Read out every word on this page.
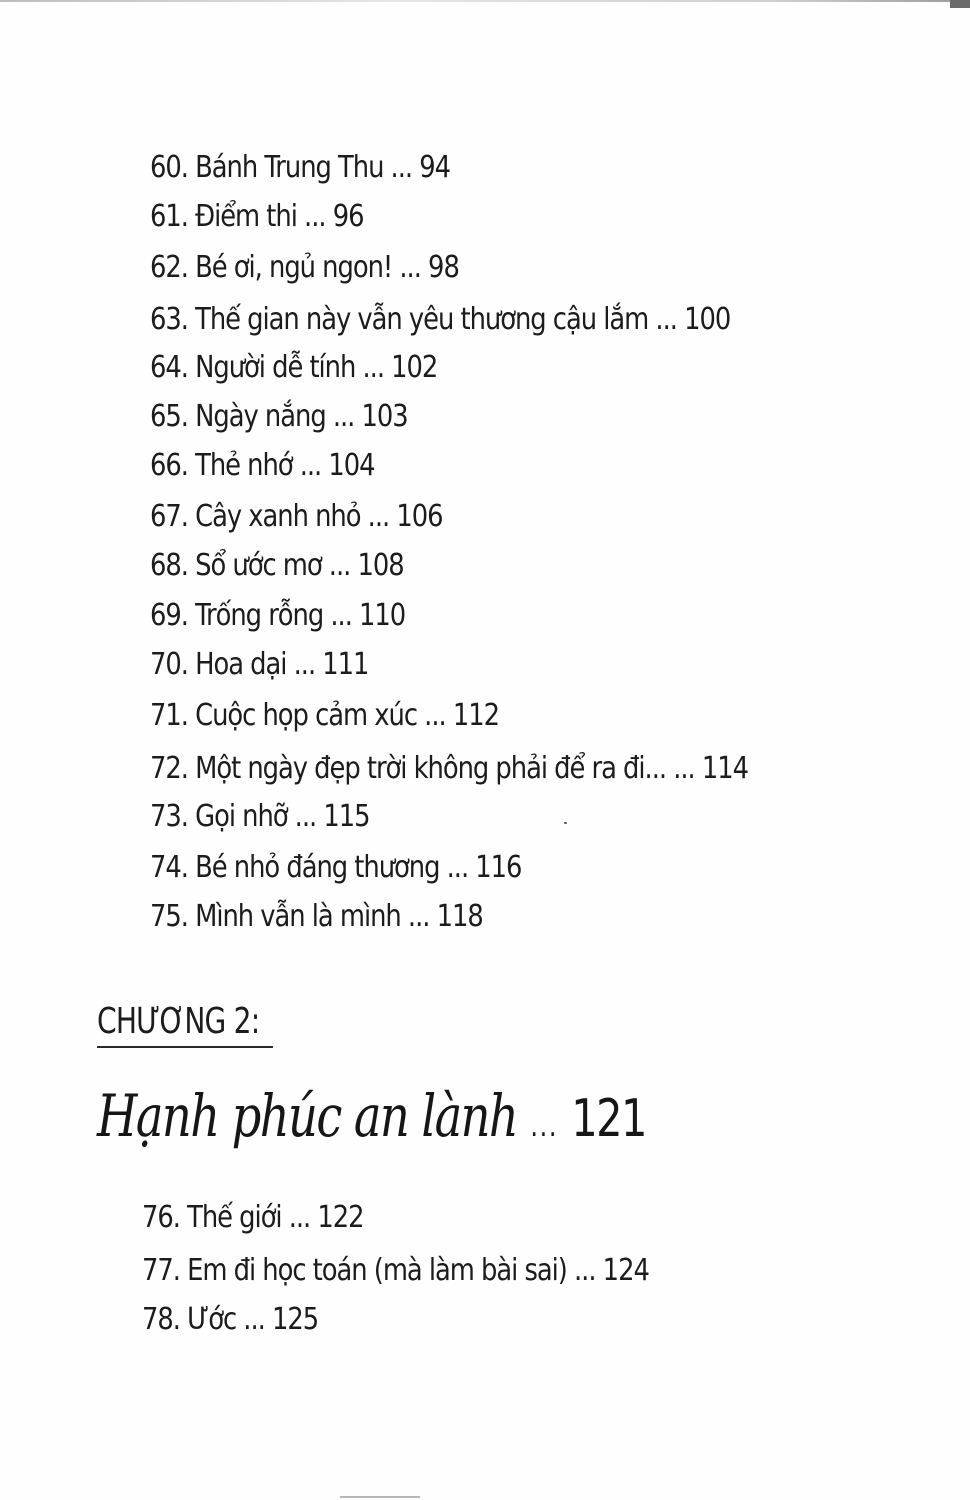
60. Bánh Trung Thu ... 94
61. Điểm thi ... 96
62. Bé ơi, ngủ ngon! ... 98
63. Thế gian này vẫn yêu thương cậu lắm ... 100
64. Người dễ tính ... 102
65. Ngày nắng ... 103
66. Thẻ nhớ ... 104
67. Cây xanh nhỏ ... 106
68. Sổ ước mơ ... 108
69. Trống rỗng ... 110
70. Hoa dại ... 111
71. Cuộc họp cảm xúc ... 112
72. Một ngày đẹp trời không phải để ra đi... ... 114
73. Gọi nhỡ ... 115
74. Bé nhỏ đáng thương ... 116
75. Mình vẫn là mình ... 118
CHƯƠNG 2:
Hạnh phúc an lành ... 121
76. Thế giới ... 122
77. Em đi học toán (mà làm bài sai) ... 124
78. Ước ... 125
